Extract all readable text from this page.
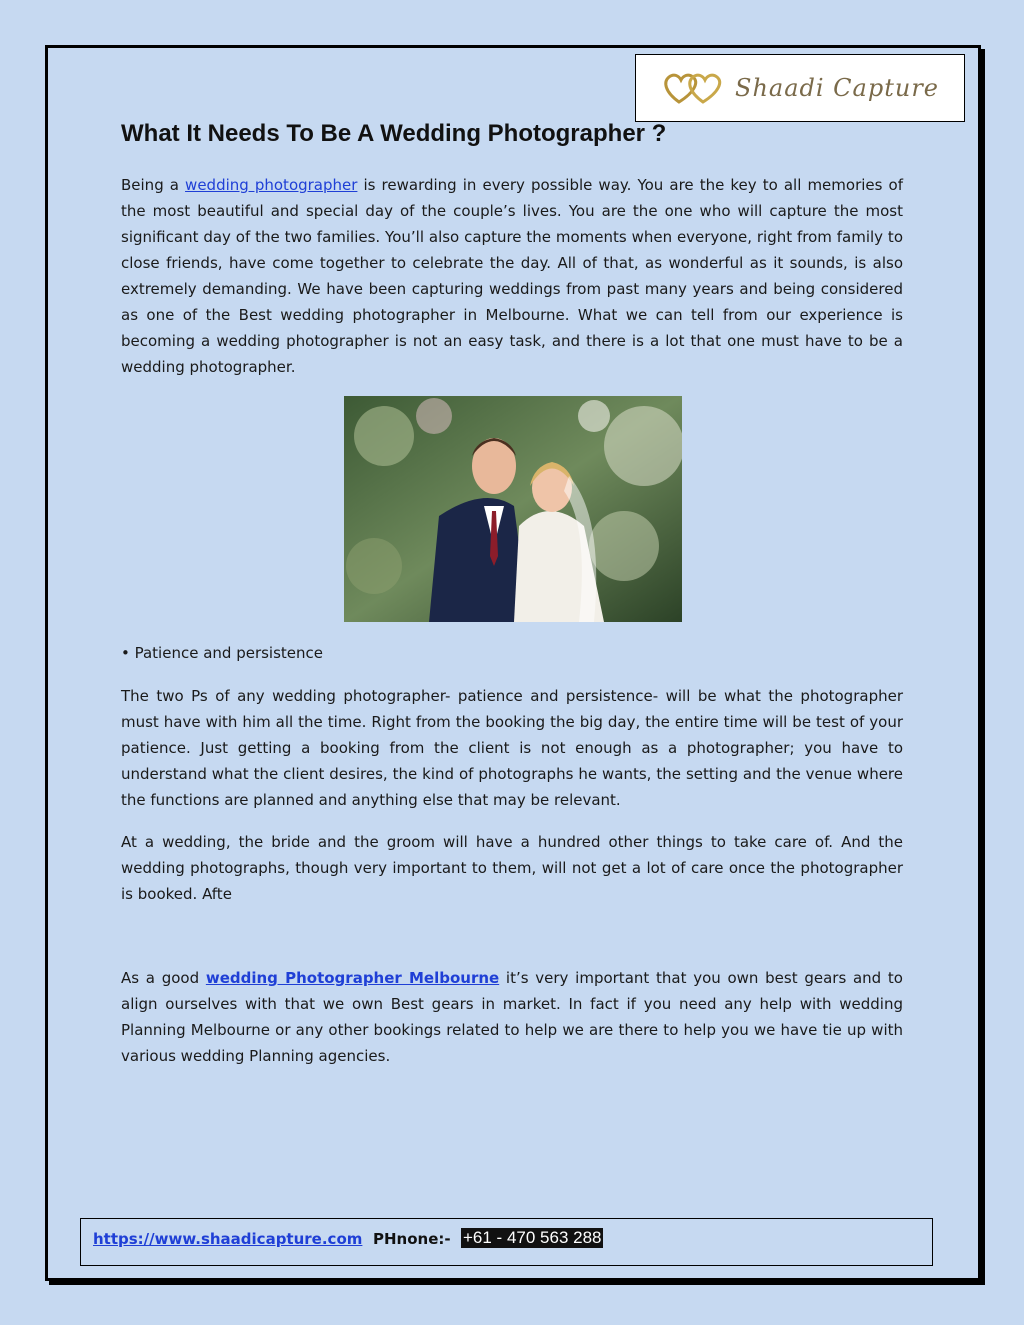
Shaadi Capture
What It Needs To Be A Wedding Photographer ?

Being a wedding photographer is rewarding in every possible way. You are the key to all memories of the most beautiful and special day of the couple’s lives. You are the one who will capture the most significant day of the two families. You’ll also capture the moments when everyone, right from family to close friends, have come together to celebrate the day. All of that, as wonderful as it sounds, is also extremely demanding. We have been capturing weddings from past many years and being considered as one of the Best wedding photographer in Melbourne. What we can tell from our experience is becoming a wedding photographer is not an easy task, and there is a lot that one must have to be a wedding photographer.

• Patience and persistence

The two Ps of any wedding photographer- patience and persistence- will be what the photographer must have with him all the time. Right from the booking the big day, the entire time will be test of your patience. Just getting a booking from the client is not enough as a photographer; you have to understand what the client desires, the kind of photographs he wants, the setting and the venue where the functions are planned and anything else that may be relevant.

At a wedding, the bride and the groom will have a hundred other things to take care of. And the wedding photographs, though very important to them, will not get a lot of care once the photographer is booked. Afte

As a good wedding Photographer Melbourne it’s very important that you own best gears and to align ourselves with that we own Best gears in market. In fact if you need any help with wedding Planning Melbourne or any other bookings related to help we are there to help you we have tie up with various wedding Planning agencies.

https://www.shaadicapture.com PHnone:- +61 - 470 563 288
